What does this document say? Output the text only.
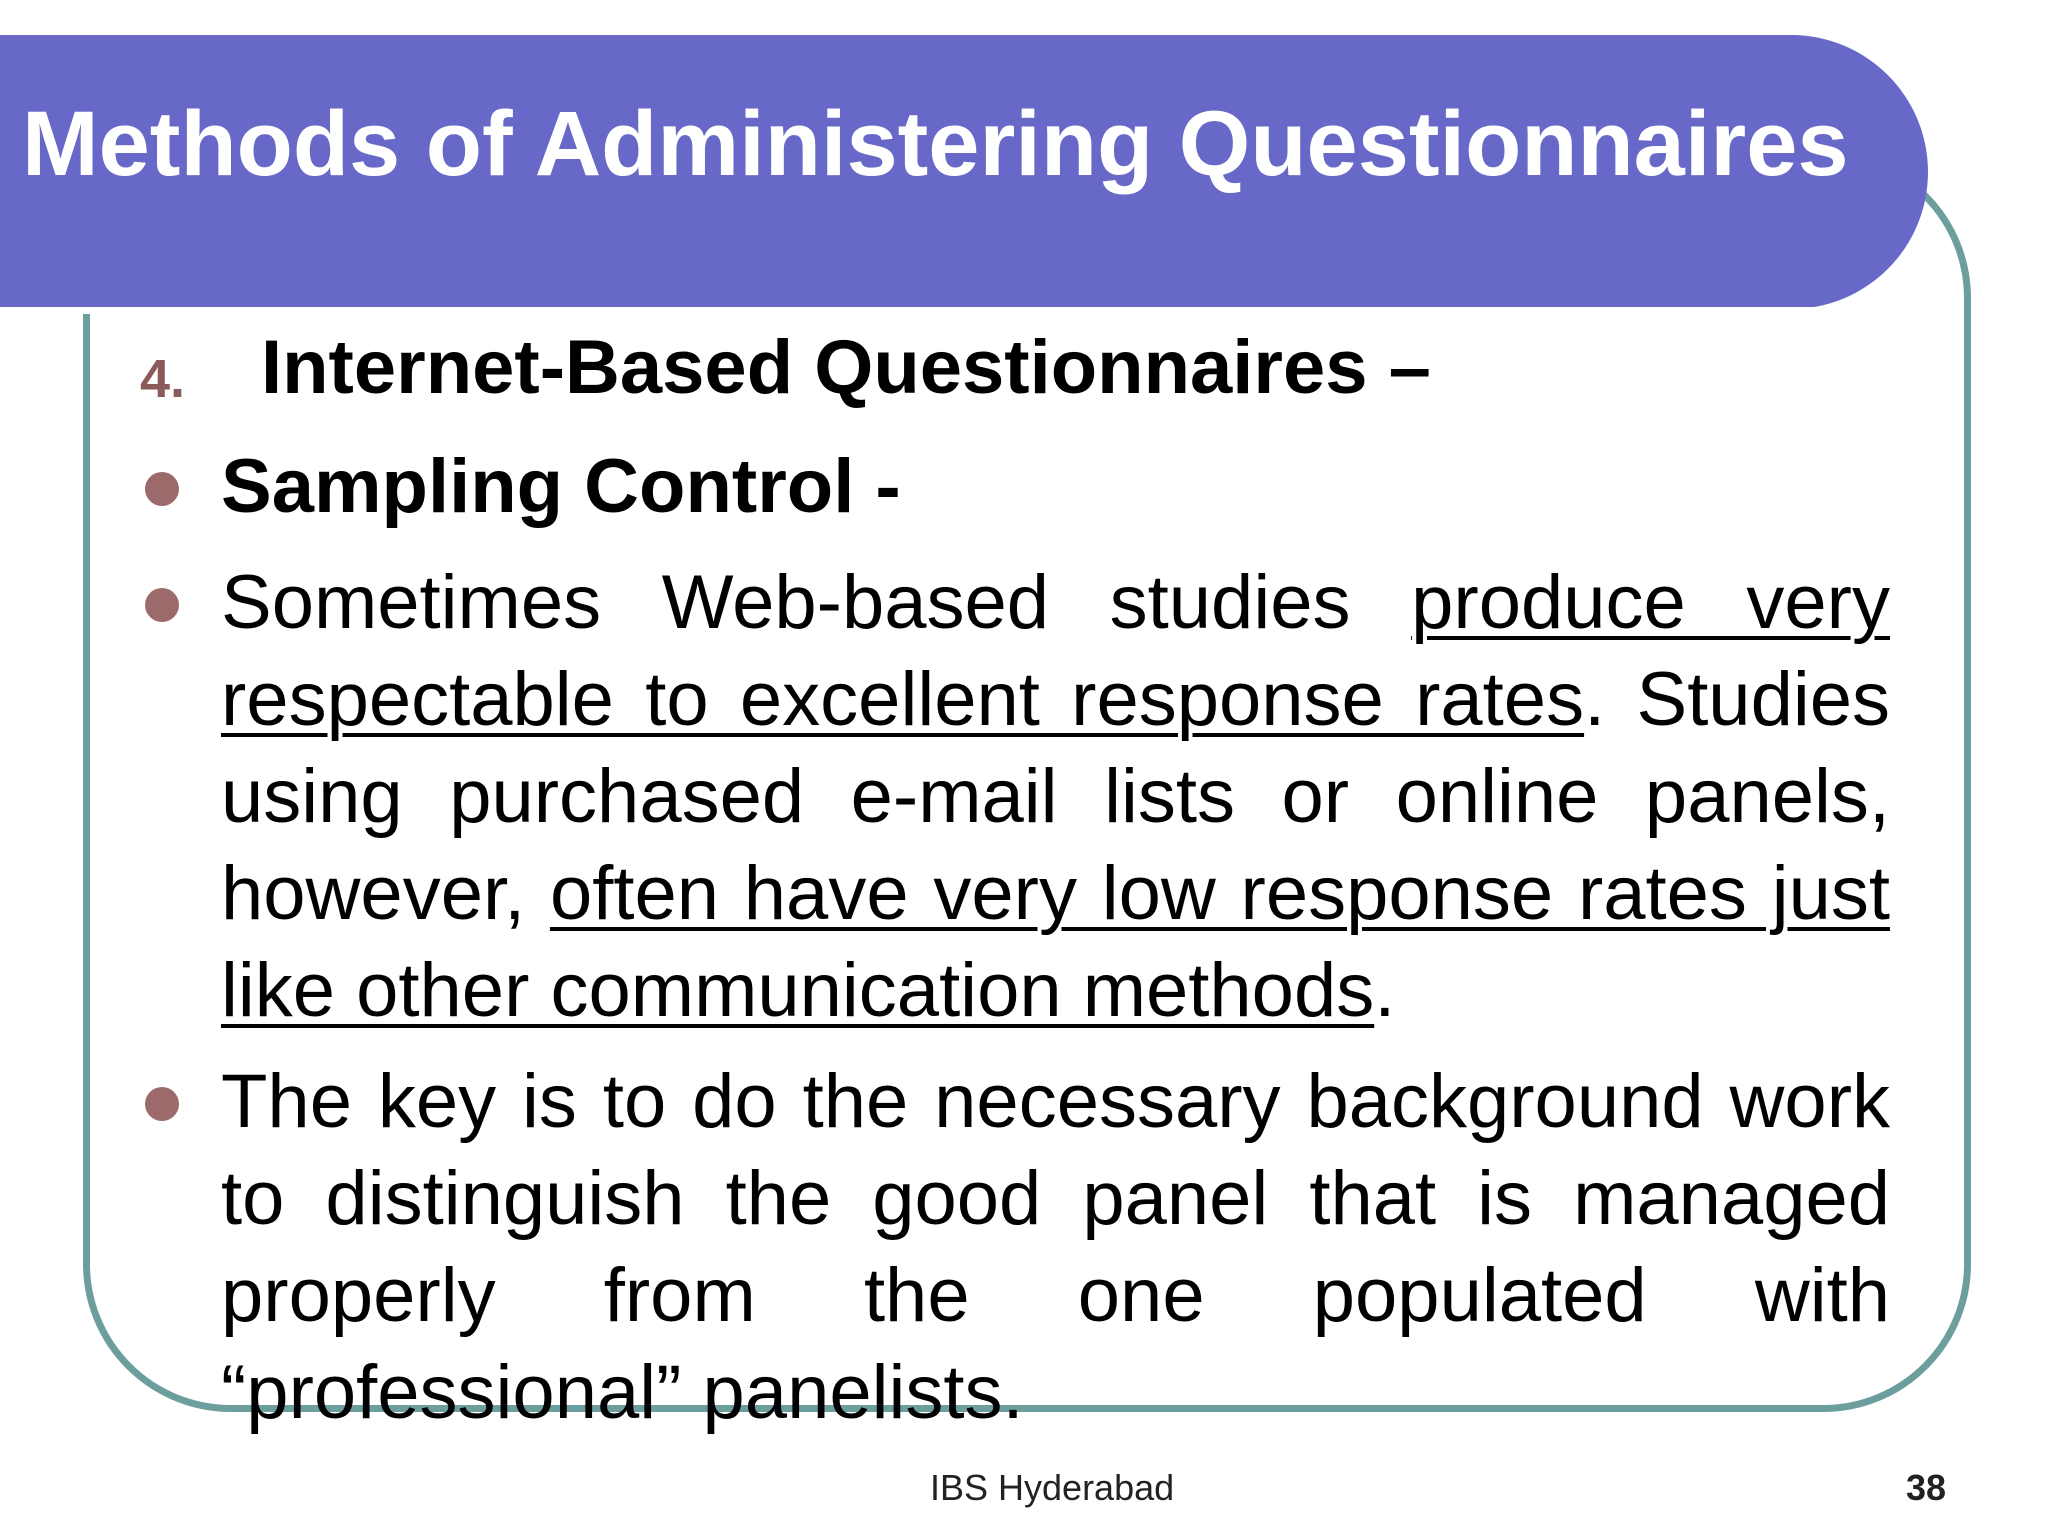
Methods of Administering Questionnaires
4. Internet-Based Questionnaires –
Sampling Control -
Sometimes Web-based studies produce very respectable to excellent response rates. Studies using purchased e-mail lists or online panels, however, often have very low response rates just like other communication methods.
The key is to do the necessary background work to distinguish the good panel that is managed properly from the one populated with “professional” panelists.
IBS Hyderabad	38
